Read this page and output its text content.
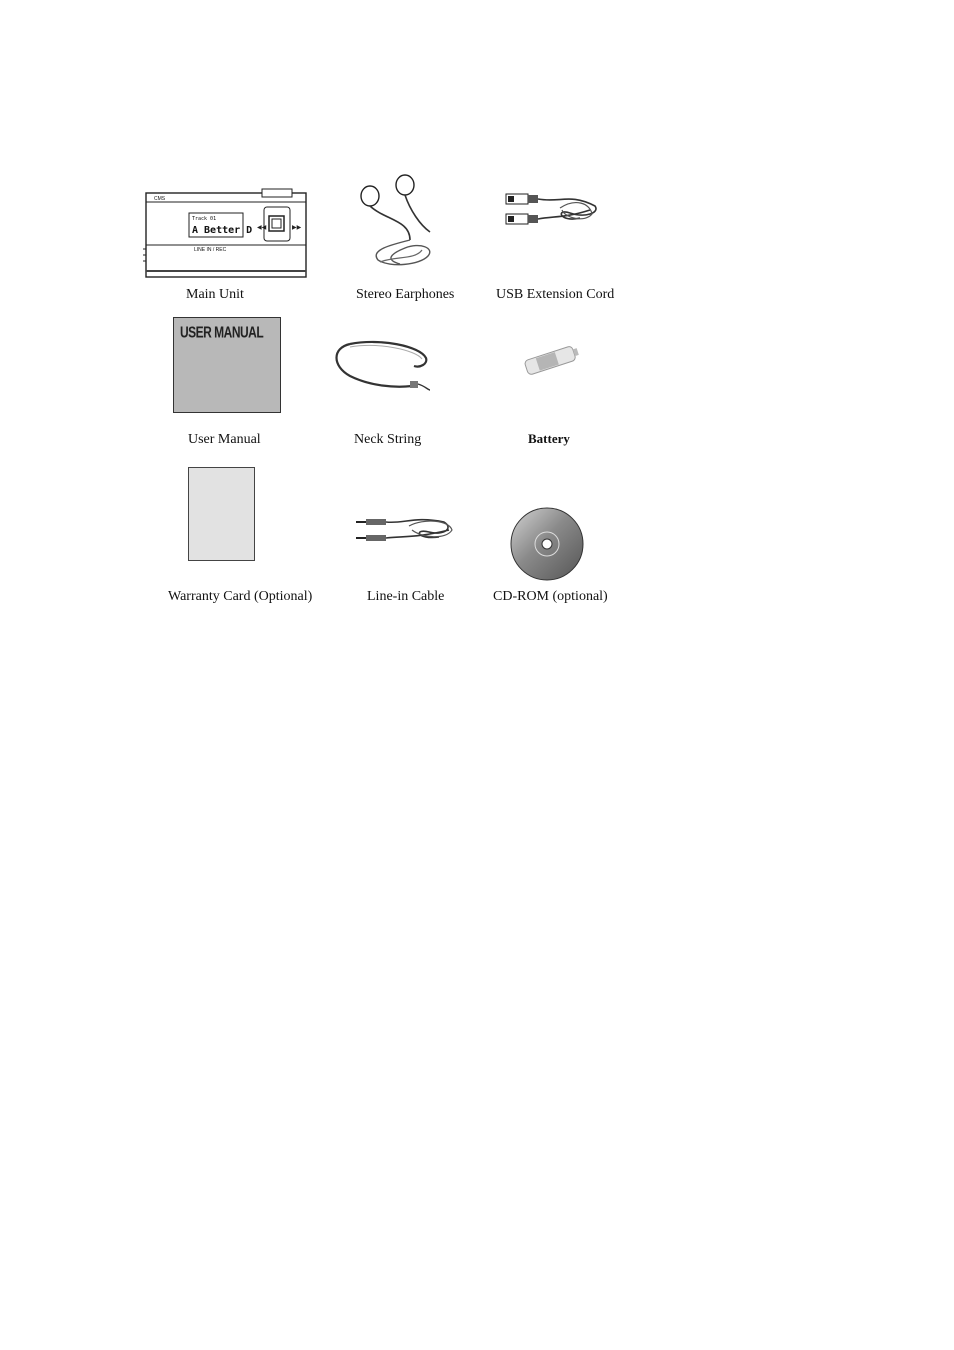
Track 01
A Better D
CMS
LINE IN / REC
◀◀	▶▶
Main Unit	Stereo Earphones	USB Extension Cord
USER MANUAL
User Manual	Neck String	Battery
Warranty Card (Optional)	Line-in Cable	CD-ROM (optional)
